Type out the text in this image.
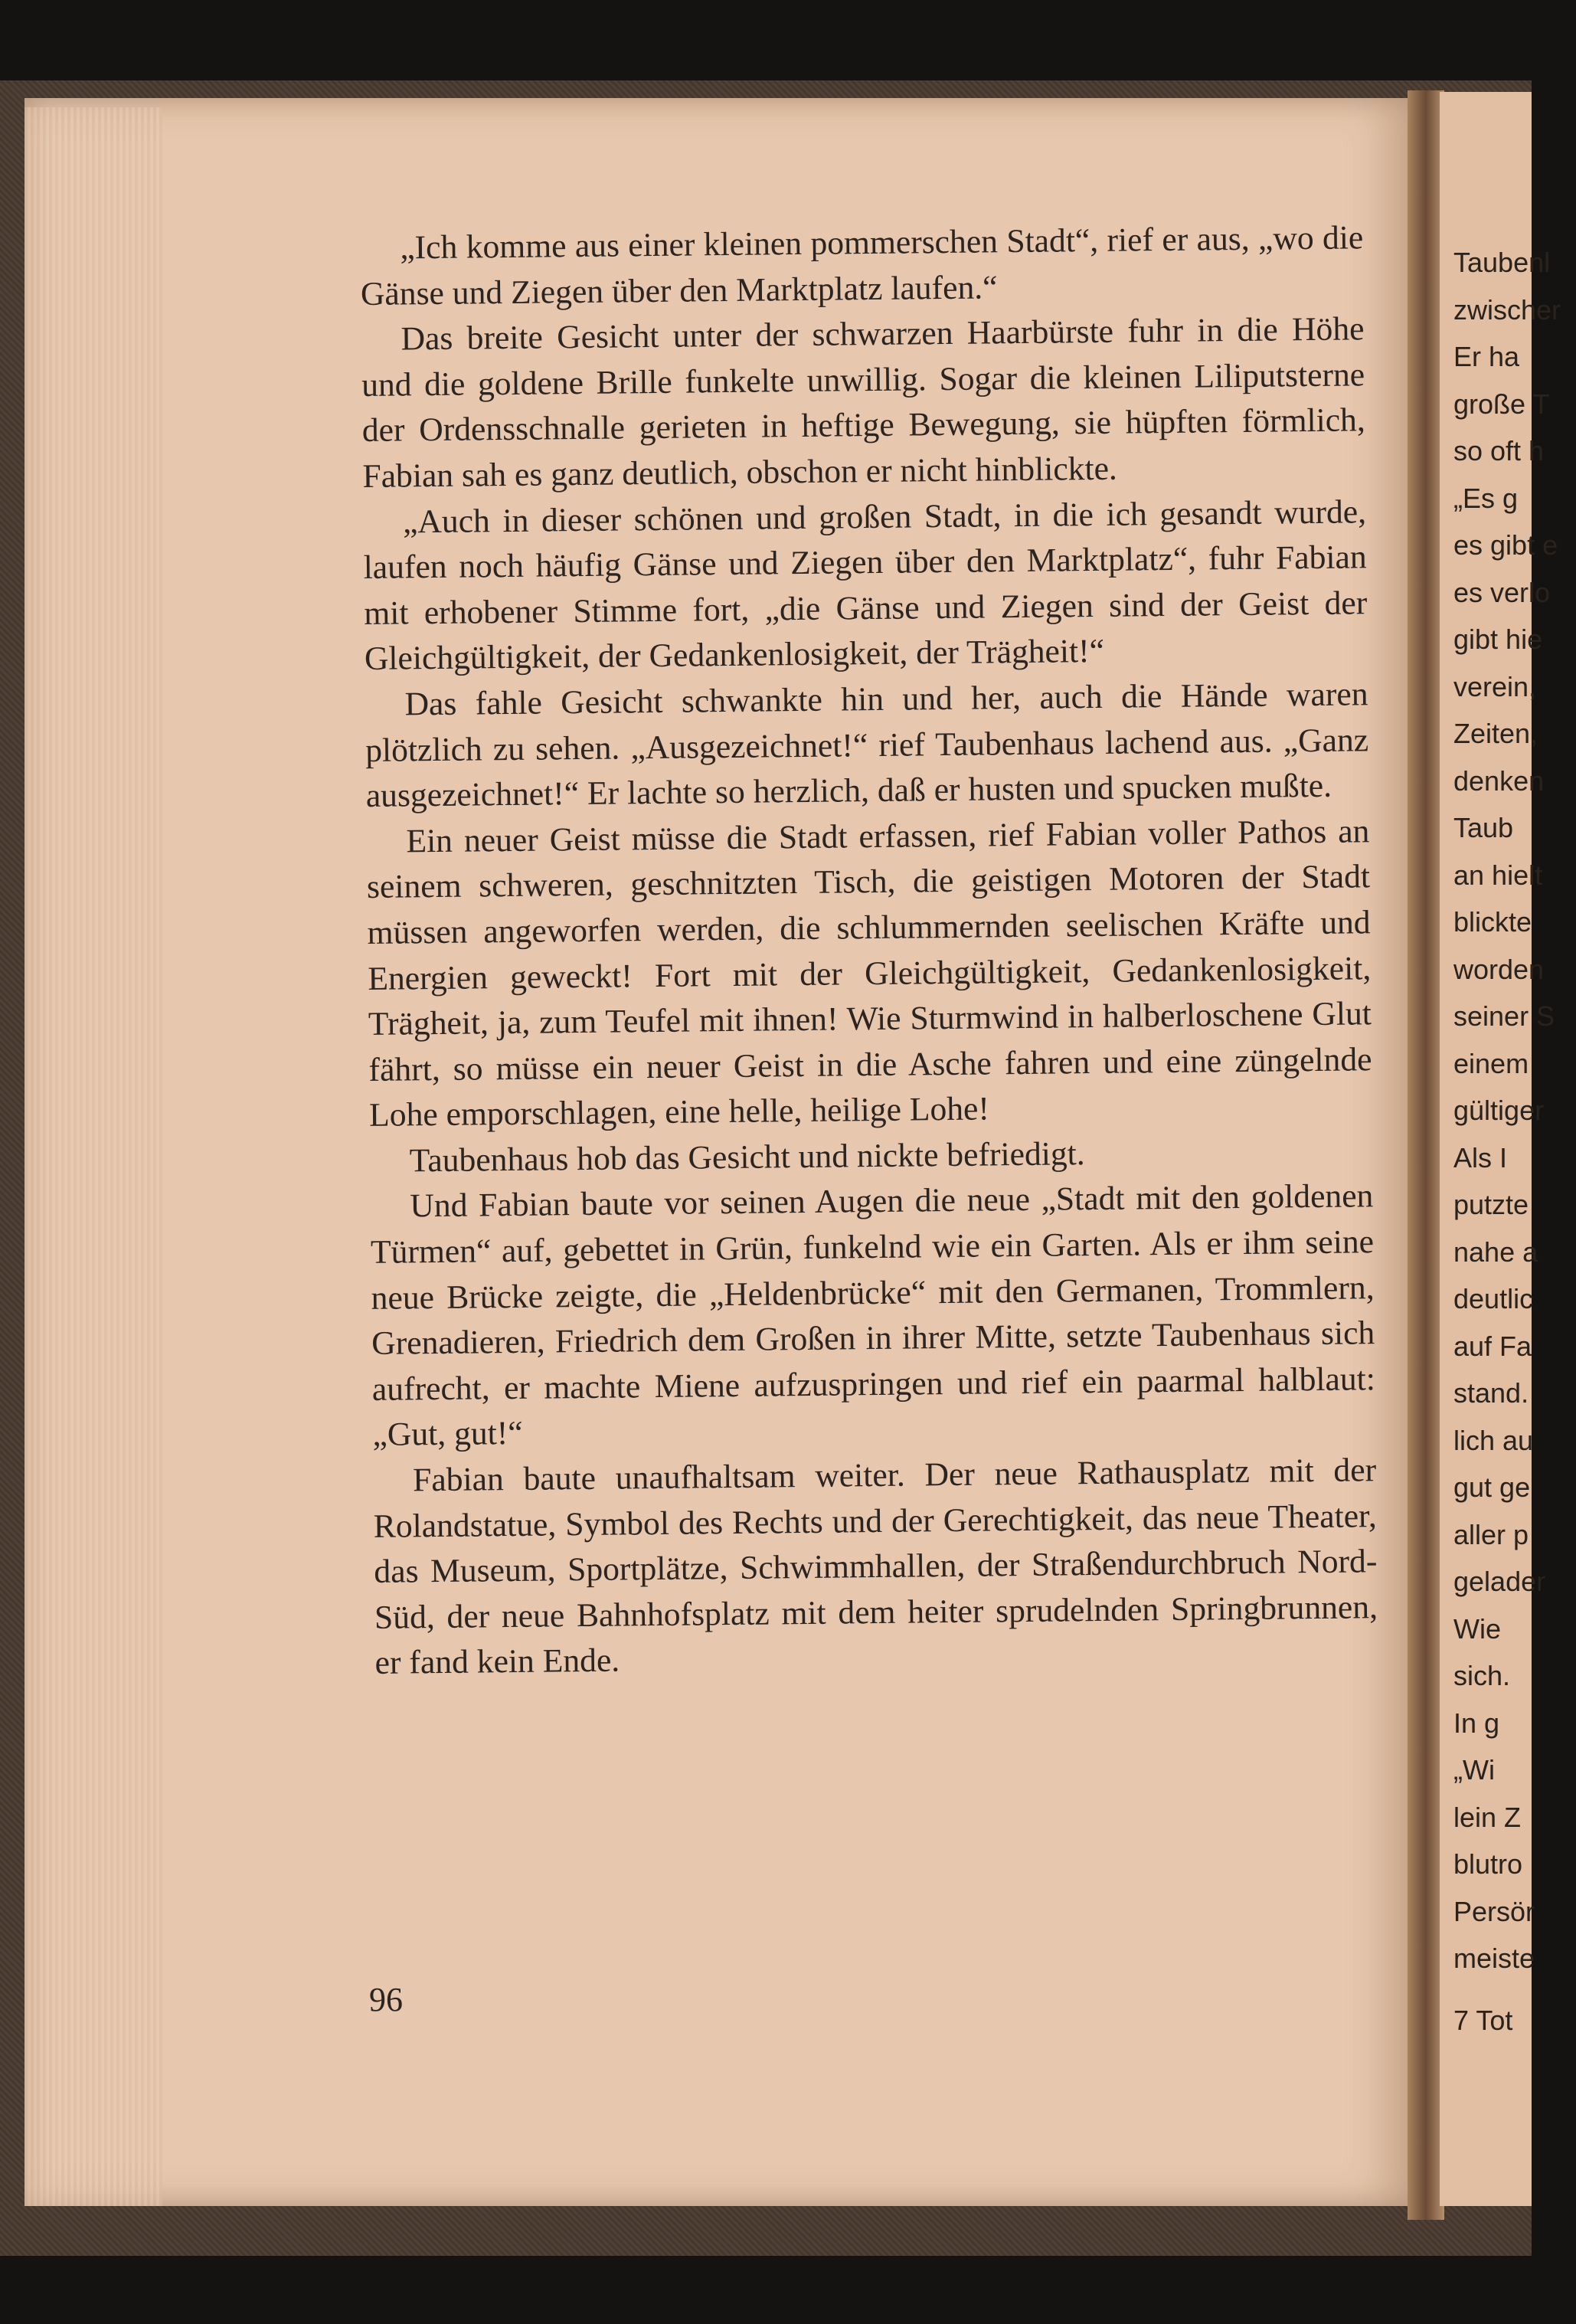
Taubenl
zwischer
Er ha
große T
so oft h
„Es g
es gibt e
es verlo
gibt hie
verein,
Zeiten,
denken
Taub
an hielt
blickte
worden
seiner S
einem
gültiger
Als I
putzte
nahe a
deutlic
auf Fa
stand.
lich au
gut ge
aller p
gelader
Wie
sich.
In g
„Wi
lein Z
blutro
Persör
meiste
7 Tot

„Ich komme aus einer kleinen pommerschen Stadt“, rief er aus, „wo die Gänse und Ziegen über den Marktplatz laufen.“

Das breite Gesicht unter der schwarzen Haarbürste fuhr in die Höhe und die goldene Brille funkelte unwillig. Sogar die kleinen Liliputsterne der Ordensschnalle gerieten in heftige Bewegung, sie hüpften förmlich, Fabian sah es ganz deutlich, obschon er nicht hinblickte.

„Auch in dieser schönen und großen Stadt, in die ich gesandt wurde, laufen noch häufig Gänse und Ziegen über den Marktplatz“, fuhr Fabian mit erhobener Stimme fort, „die Gänse und Ziegen sind der Geist der Gleichgültigkeit, der Gedankenlosigkeit, der Trägheit!“

Das fahle Gesicht schwankte hin und her, auch die Hände waren plötzlich zu sehen. „Ausgezeichnet!“ rief Taubenhaus lachend aus. „Ganz ausgezeichnet!“ Er lachte so herzlich, daß er husten und spucken mußte.

Ein neuer Geist müsse die Stadt erfassen, rief Fabian voller Pathos an seinem schweren, geschnitzten Tisch, die geistigen Motoren der Stadt müssen angeworfen werden, die schlummernden seelischen Kräfte und Energien geweckt! Fort mit der Gleichgültigkeit, Gedankenlosigkeit, Trägheit, ja, zum Teufel mit ihnen! Wie Sturmwind in halberloschene Glut fährt, so müsse ein neuer Geist in die Asche fahren und eine züngelnde Lohe emporschlagen, eine helle, heilige Lohe!

Taubenhaus hob das Gesicht und nickte befriedigt.

Und Fabian baute vor seinen Augen die neue „Stadt mit den goldenen Türmen“ auf, gebettet in Grün, funkelnd wie ein Garten. Als er ihm seine neue Brücke zeigte, die „Heldenbrücke“ mit den Germanen, Trommlern, Grenadieren, Friedrich dem Großen in ihrer Mitte, setzte Taubenhaus sich aufrecht, er machte Miene aufzuspringen und rief ein paarmal halblaut: „Gut, gut!“

Fabian baute unaufhaltsam weiter. Der neue Rathausplatz mit der Rolandstatue, Symbol des Rechts und der Gerechtigkeit, das neue Theater, das Museum, Sportplätze, Schwimmhallen, der Straßendurchbruch Nord-Süd, der neue Bahnhofsplatz mit dem heiter sprudelnden Springbrunnen, er fand kein Ende.

96
